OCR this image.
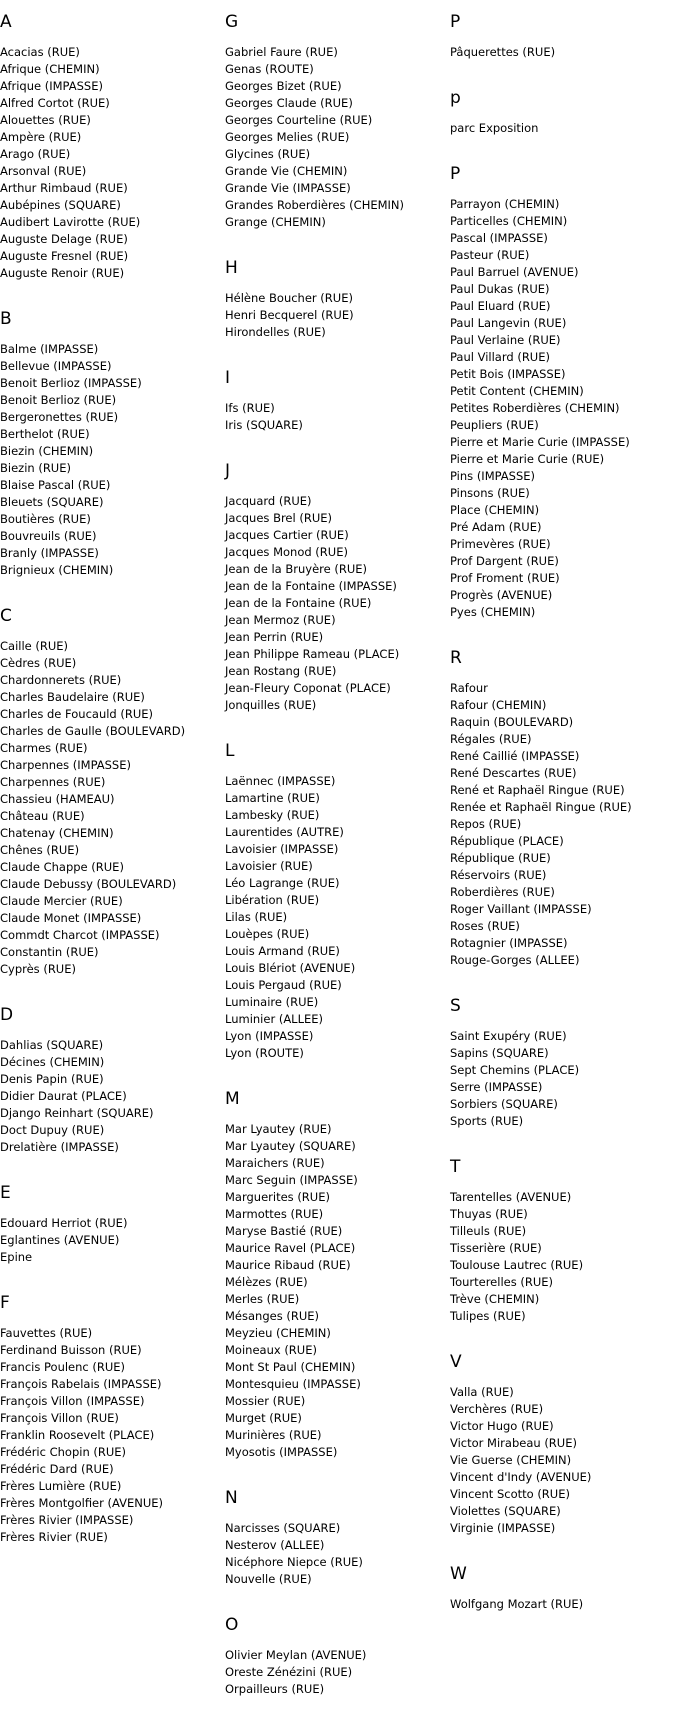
A
Acacias (RUE)
Afrique (CHEMIN)
Afrique (IMPASSE)
Alfred Cortot (RUE)
Alouettes (RUE)
Ampère (RUE)
Arago (RUE)
Arsonval (RUE)
Arthur Rimbaud (RUE)
Aubépines (SQUARE)
Audibert Lavirotte (RUE)
Auguste Delage (RUE)
Auguste Fresnel (RUE)
Auguste Renoir (RUE)
B
Balme (IMPASSE)
Bellevue (IMPASSE)
Benoit Berlioz (IMPASSE)
Benoit Berlioz (RUE)
Bergeronettes (RUE)
Berthelot (RUE)
Biezin (CHEMIN)
Biezin (RUE)
Blaise Pascal (RUE)
Bleuets (SQUARE)
Boutières (RUE)
Bouvreuils (RUE)
Branly (IMPASSE)
Brignieux (CHEMIN)
C
Caille (RUE)
Cèdres (RUE)
Chardonnerets (RUE)
Charles Baudelaire (RUE)
Charles de Foucauld (RUE)
Charles de Gaulle (BOULEVARD)
Charmes (RUE)
Charpennes (IMPASSE)
Charpennes (RUE)
Chassieu (HAMEAU)
Château (RUE)
Chatenay (CHEMIN)
Chênes (RUE)
Claude Chappe (RUE)
Claude Debussy (BOULEVARD)
Claude Mercier (RUE)
Claude Monet (IMPASSE)
Commdt Charcot (IMPASSE)
Constantin (RUE)
Cyprès (RUE)
D
Dahlias (SQUARE)
Décines (CHEMIN)
Denis Papin (RUE)
Didier Daurat (PLACE)
Django Reinhart (SQUARE)
Doct Dupuy (RUE)
Drelatière (IMPASSE)
E
Edouard Herriot (RUE)
Eglantines (AVENUE)
Epine
F
Fauvettes (RUE)
Ferdinand Buisson (RUE)
Francis Poulenc (RUE)
François Rabelais (IMPASSE)
François Villon (IMPASSE)
François Villon (RUE)
Franklin Roosevelt (PLACE)
Frédéric Chopin (RUE)
Frédéric Dard (RUE)
Frères Lumière (RUE)
Frères Montgolfier (AVENUE)
Frères Rivier (IMPASSE)
Frères Rivier (RUE)
G
Gabriel Faure (RUE)
Genas (ROUTE)
Georges Bizet (RUE)
Georges Claude (RUE)
Georges Courteline (RUE)
Georges Melies (RUE)
Glycines (RUE)
Grande Vie (CHEMIN)
Grande Vie (IMPASSE)
Grandes Roberdières (CHEMIN)
Grange (CHEMIN)
H
Hélène Boucher (RUE)
Henri Becquerel (RUE)
Hirondelles (RUE)
I
Ifs (RUE)
Iris (SQUARE)
J
Jacquard (RUE)
Jacques Brel (RUE)
Jacques Cartier (RUE)
Jacques Monod (RUE)
Jean de la Bruyère (RUE)
Jean de la Fontaine (IMPASSE)
Jean de la Fontaine (RUE)
Jean Mermoz (RUE)
Jean Perrin (RUE)
Jean Philippe Rameau (PLACE)
Jean Rostang (RUE)
Jean-Fleury Coponat (PLACE)
Jonquilles (RUE)
L
Laënnec (IMPASSE)
Lamartine (RUE)
Lambesky (RUE)
Laurentides (AUTRE)
Lavoisier (IMPASSE)
Lavoisier (RUE)
Léo Lagrange (RUE)
Libération (RUE)
Lilas (RUE)
Louèpes (RUE)
Louis Armand (RUE)
Louis Blériot (AVENUE)
Louis Pergaud (RUE)
Luminaire (RUE)
Luminier (ALLEE)
Lyon (IMPASSE)
Lyon (ROUTE)
M
Mar Lyautey (RUE)
Mar Lyautey (SQUARE)
Maraichers (RUE)
Marc Seguin (IMPASSE)
Marguerites (RUE)
Marmottes (RUE)
Maryse Bastié (RUE)
Maurice Ravel (PLACE)
Maurice Ribaud (RUE)
Mélèzes (RUE)
Merles (RUE)
Mésanges (RUE)
Meyzieu (CHEMIN)
Moineaux (RUE)
Mont St Paul (CHEMIN)
Montesquieu (IMPASSE)
Mossier (RUE)
Murget (RUE)
Murinières (RUE)
Myosotis (IMPASSE)
N
Narcisses (SQUARE)
Nesterov (ALLEE)
Nicéphore Niepce (RUE)
Nouvelle (RUE)
O
Olivier Meylan (AVENUE)
Oreste Zénézini (RUE)
Orpailleurs (RUE)
P
Pâquerettes (RUE)
p
parc Exposition
P
Parrayon (CHEMIN)
Particelles (CHEMIN)
Pascal (IMPASSE)
Pasteur (RUE)
Paul Barruel (AVENUE)
Paul Dukas (RUE)
Paul Eluard (RUE)
Paul Langevin (RUE)
Paul Verlaine (RUE)
Paul Villard (RUE)
Petit Bois (IMPASSE)
Petit Content (CHEMIN)
Petites Roberdières (CHEMIN)
Peupliers (RUE)
Pierre et Marie Curie (IMPASSE)
Pierre et Marie Curie (RUE)
Pins (IMPASSE)
Pinsons (RUE)
Place (CHEMIN)
Pré Adam (RUE)
Primevères (RUE)
Prof Dargent (RUE)
Prof Froment (RUE)
Progrès (AVENUE)
Pyes (CHEMIN)
R
Rafour
Rafour (CHEMIN)
Raquin (BOULEVARD)
Régales (RUE)
René Caillié (IMPASSE)
René Descartes (RUE)
René et Raphaël Ringue (RUE)
Renée et Raphaël Ringue (RUE)
Repos (RUE)
République (PLACE)
République (RUE)
Réservoirs (RUE)
Roberdières (RUE)
Roger Vaillant (IMPASSE)
Roses (RUE)
Rotagnier (IMPASSE)
Rouge-Gorges (ALLEE)
S
Saint Exupéry (RUE)
Sapins (SQUARE)
Sept Chemins (PLACE)
Serre (IMPASSE)
Sorbiers (SQUARE)
Sports (RUE)
T
Tarentelles (AVENUE)
Thuyas (RUE)
Tilleuls (RUE)
Tisserière (RUE)
Toulouse Lautrec (RUE)
Tourterelles (RUE)
Trève (CHEMIN)
Tulipes (RUE)
V
Valla (RUE)
Verchères (RUE)
Victor Hugo (RUE)
Victor Mirabeau (RUE)
Vie Guerse (CHEMIN)
Vincent d'Indy (AVENUE)
Vincent Scotto (RUE)
Violettes (SQUARE)
Virginie (IMPASSE)
W
Wolfgang Mozart (RUE)
